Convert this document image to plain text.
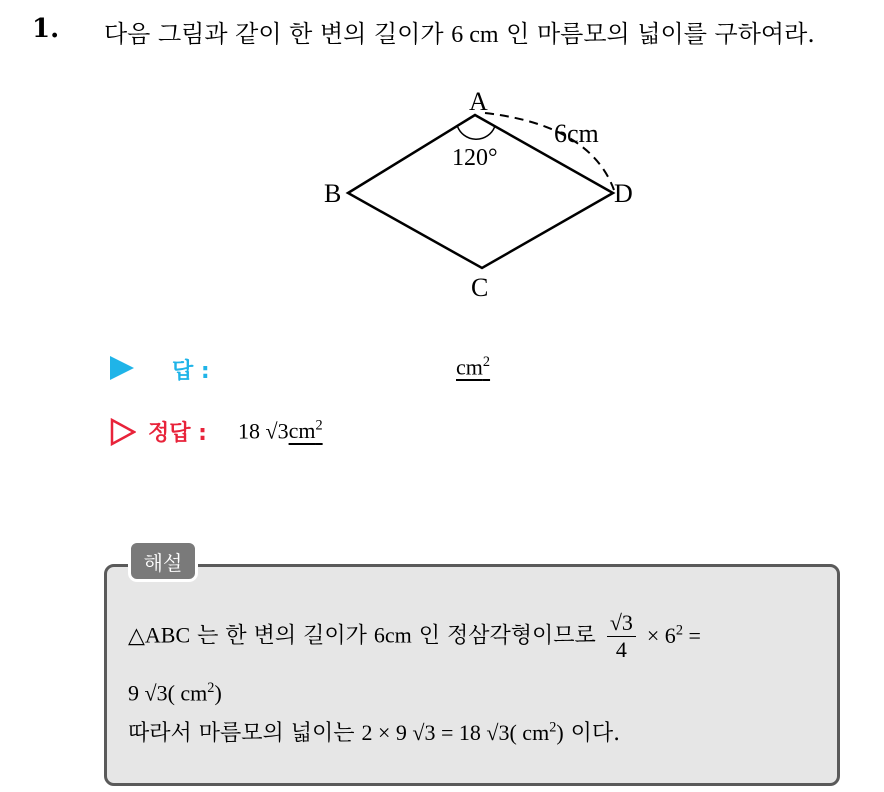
1. 다음 그림과 같이 한 변의 길이가 6 cm 인 마름모의 넓이를 구하여라.
A
B
C
D
120°
6cm
답 :	$cm^2$
정답 : 18 $√3cm^2$
해설
△ABC 는 한 변의 길이가 6cm 인 정삼각형이므로 $\frac{√3}{4} \times 6^2$ =
9 √3( $cm^2$)
따라서 마름모의 넓이는 2 × 9 √3 = 18 √3( $cm^2$) 이다.
